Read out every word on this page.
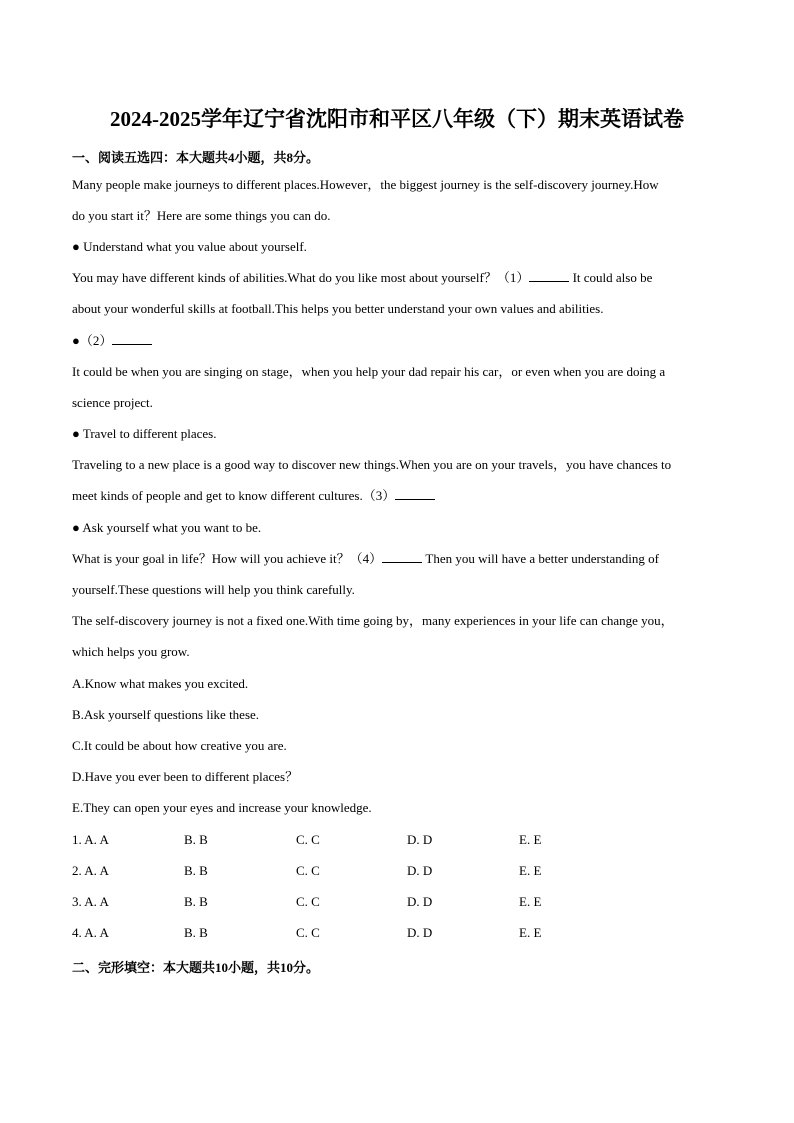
2024-2025学年辽宁省沈阳市和平区八年级（下）期末英语试卷
一、阅读五选四：本大题共4小题，共8分。
Many people make journeys to different places.However，the biggest journey is the self-discovery journey.How
do you start it？Here are some things you can do.
● Understand what you value about yourself.
You may have different kinds of abilities.What do you like most about yourself？（1）	It could also be
about your wonderful skills at football.This helps you better understand your own values and abilities.
●（2）
It could be when you are singing on stage，when you help your dad repair his car，or even when you are doing a
science project.
● Travel to different places.
Traveling to a new place is a good way to discover new things.When you are on your travels，you have chances to
meet kinds of people and get to know different cultures.（3）
● Ask yourself what you want to be.
What is your goal in life？How will you achieve it？（4）	Then you will have a better understanding of
yourself.These questions will help you think carefully.
The self-discovery journey is not a fixed one.With time going by，many experiences in your life can change you，
which helps you grow.
A.Know what makes you excited.
B.Ask yourself questions like these.
C.It could be about how creative you are.
D.Have you ever been to different places？
E.They can open your eyes and increase your knowledge.
1. A. A	B. B	C. C	D. D	E. E
2. A. A	B. B	C. C	D. D	E. E
3. A. A	B. B	C. C	D. D	E. E
4. A. A	B. B	C. C	D. D	E. E
二、完形填空：本大题共10小题，共10分。
